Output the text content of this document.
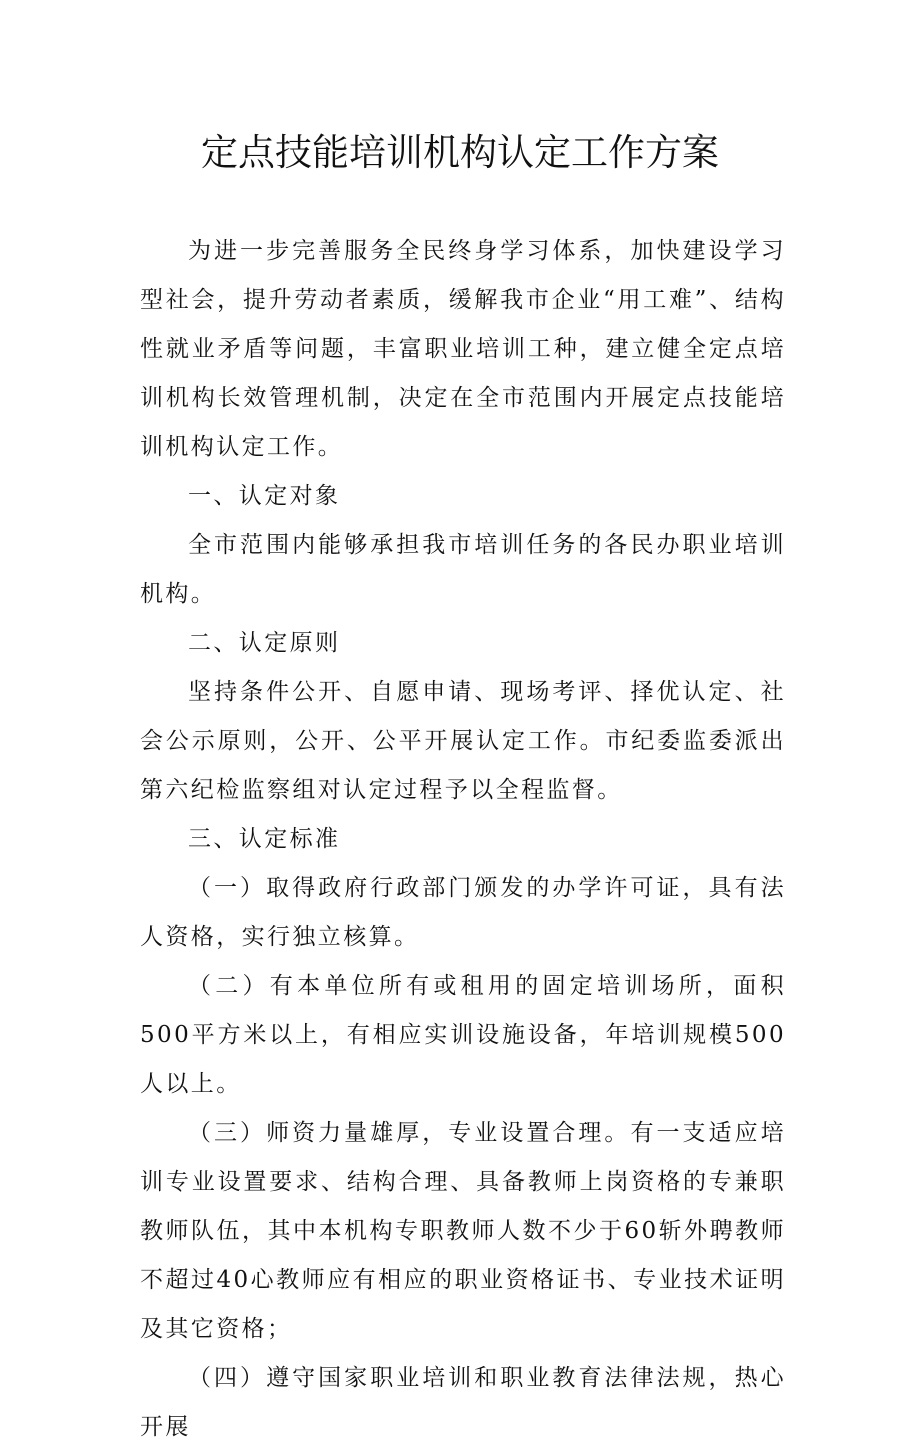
定点技能培训机构认定工作方案

为进一步完善服务全民终身学习体系，加快建设学习型社会，提升劳动者素质，缓解我市企业“用工难”、结构性就业矛盾等问题，丰富职业培训工种，建立健全定点培训机构长效管理机制，决定在全市范围内开展定点技能培训机构认定工作。

一、认定对象

全市范围内能够承担我市培训任务的各民办职业培训机构。

二、认定原则

坚持条件公开、自愿申请、现场考评、择优认定、社会公示原则，公开、公平开展认定工作。市纪委监委派出第六纪检监察组对认定过程予以全程监督。

三、认定标准

（一）取得政府行政部门颁发的办学许可证，具有法人资格，实行独立核算。

（二）有本单位所有或租用的固定培训场所，面积500平方米以上，有相应实训设施设备，年培训规模500人以上。

（三）师资力量雄厚，专业设置合理。有一支适应培训专业设置要求、结构合理、具备教师上岗资格的专兼职教师队伍，其中本机构专职教师人数不少于60斩外聘教师不超过40心教师应有相应的职业资格证书、专业技术证明及其它资格；

（四）遵守国家职业培训和职业教育法律法规，热心开展
